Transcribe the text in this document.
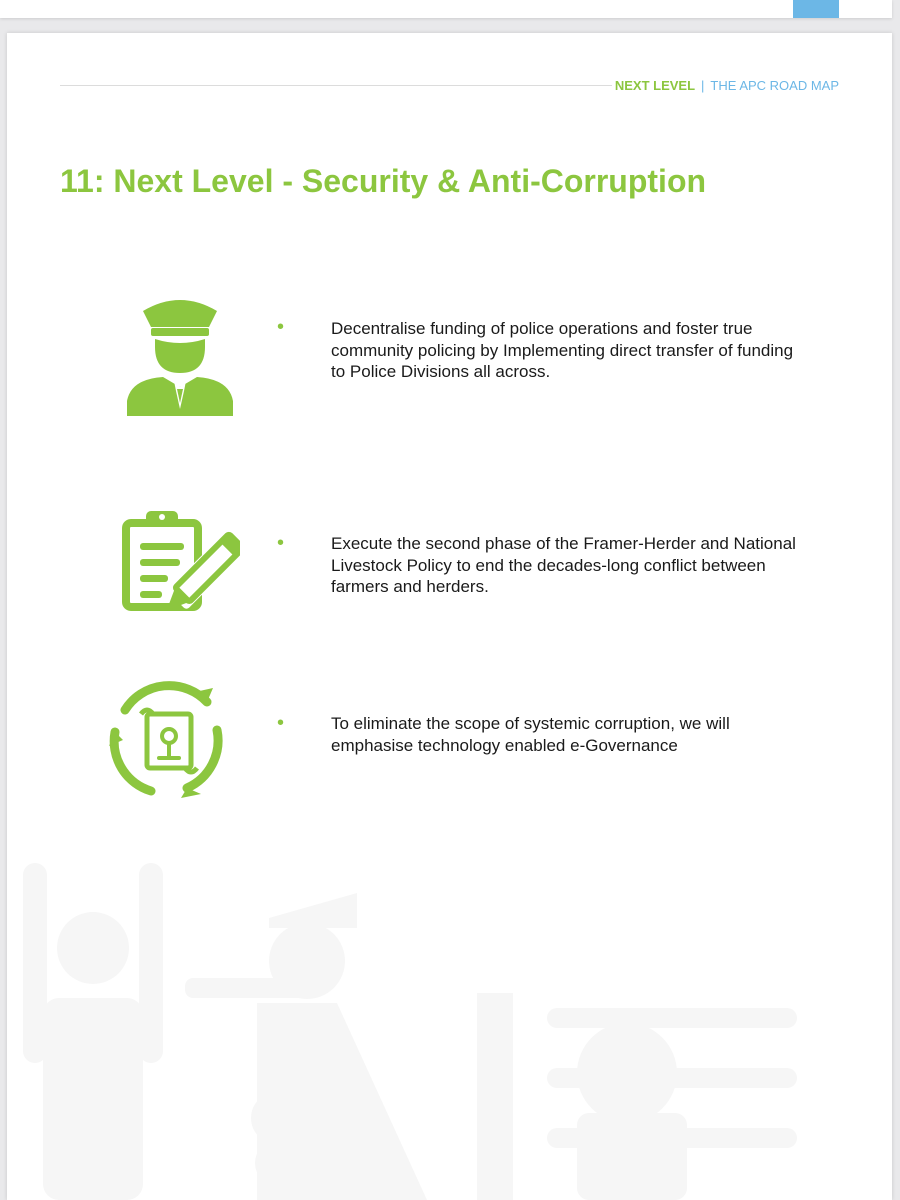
NEXT LEVEL | THE APC ROAD MAP
11: Next Level - Security & Anti-Corruption
•	Decentralise funding of police operations and foster true community policing by Implementing direct transfer of funding to Police Divisions all across.
•	Execute the second phase of the Framer-Herder and National Livestock Policy to end the decades-long conflict between farmers and herders.
•	To eliminate the scope of systemic corruption, we will emphasise technology enabled e-Governance
